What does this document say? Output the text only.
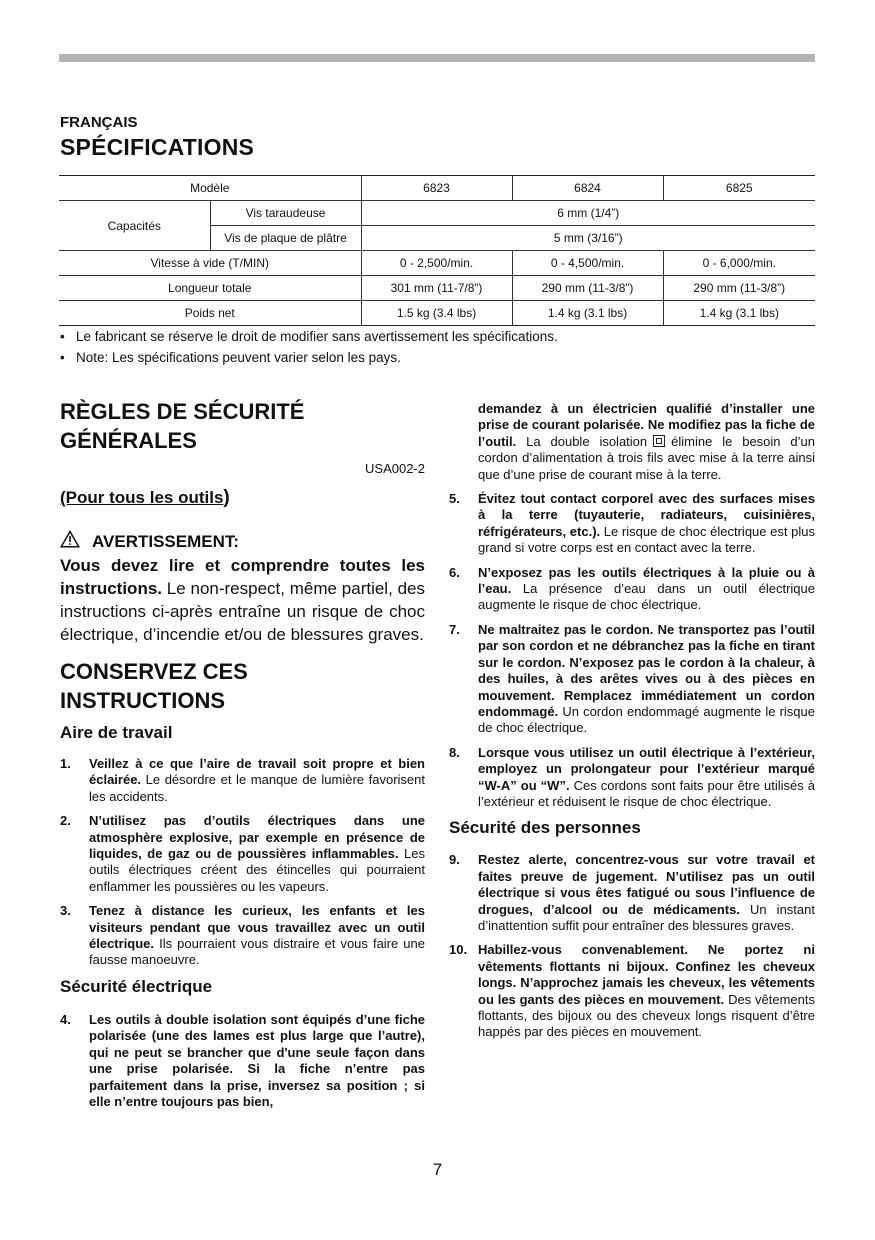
FRANÇAIS

SPÉCIFICATIONS
Modèle		6823	6824	6825
Capacités	Vis taraudeuse	6 mm (1/4”)		
	Vis de plaque de plâtre	5 mm (3/16”)		
Vitesse à vide (T/MIN)		0 - 2,500/min.	0 - 4,500/min.	0 - 6,000/min.
Longueur totale		301 mm (11-7/8”)	290 mm (11-3/8”)	290 mm (11-3/8”)
Poids net		1.5 kg (3.4 lbs)	1.4 kg (3.1 lbs)	1.4 kg (3.1 lbs)
• Le fabricant se réserve le droit de modifier sans avertissement les spécifications.
• Note: Les spécifications peuvent varier selon les pays.
RÈGLES DE SÉCURITÉ
GÉNÉRALES

USA002-2

(Pour tous les outils)

AVERTISSEMENT:

Vous devez lire et comprendre toutes les instructions. Le non-respect, même partiel, des instructions ci-après entraîne un risque de choc électrique, d’incendie et/ou de blessures graves.

CONSERVEZ CES
INSTRUCTIONS
Aire de travail
1. Veillez à ce que l’aire de travail soit propre et bien éclairée. Le désordre et le manque de lumière favorisent les accidents.
2. N’utilisez pas d’outils électriques dans une atmosphère explosive, par exemple en présence de liquides, de gaz ou de poussières inflammables. Les outils électriques créent des étincelles qui pourraient enflammer les poussières ou les vapeurs.
3. Tenez à distance les curieux, les enfants et les visiteurs pendant que vous travaillez avec un outil électrique. Ils pourraient vous distraire et vous faire une fausse manoeuvre.
Sécurité électrique
4. Les outils à double isolation sont équipés d’une fiche polarisée (une des lames est plus large que l’autre), qui ne peut se brancher que d'une seule façon dans une prise polarisée. Si la fiche n’entre pas parfaitement dans la prise, inversez sa position ; si elle n’entre toujours pas bien,
demandez à un électricien qualifié d’installer une prise de courant polarisée. Ne modifiez pas la fiche de l’outil. La double isolation élimine le besoin d’un cordon d’alimentation à trois fils avec mise à la terre ainsi que d’une prise de courant mise à la terre.
5. Évitez tout contact corporel avec des surfaces mises à la terre (tuyauterie, radiateurs, cuisinières, réfrigérateurs, etc.). Le risque de choc électrique est plus grand si votre corps est en contact avec la terre.
6. N’exposez pas les outils électriques à la pluie ou à l’eau. La présence d’eau dans un outil électrique augmente le risque de choc électrique.
7. Ne maltraitez pas le cordon. Ne transportez pas l’outil par son cordon et ne débranchez pas la fiche en tirant sur le cordon. N’exposez pas le cordon à la chaleur, à des huiles, à des arêtes vives ou à des pièces en mouvement. Remplacez immédiatement un cordon endommagé. Un cordon endommagé augmente le risque de choc électrique.
8. Lorsque vous utilisez un outil électrique à l’extérieur, employez un prolongateur pour l’extérieur marqué “W-A” ou “W”. Ces cordons sont faits pour être utilisés à l’extérieur et réduisent le risque de choc électrique.
Sécurité des personnes
9. Restez alerte, concentrez-vous sur votre travail et faites preuve de jugement. N’utilisez pas un outil électrique si vous êtes fatigué ou sous l’influence de drogues, d’alcool ou de médicaments. Un instant d’inattention suffit pour entraîner des blessures graves.
10. Habillez-vous convenablement. Ne portez ni vêtements flottants ni bijoux. Confinez les cheveux longs. N’approchez jamais les cheveux, les vêtements ou les gants des pièces en mouvement. Des vêtements flottants, des bijoux ou des cheveux longs risquent d’être happés par des pièces en mouvement.

7
